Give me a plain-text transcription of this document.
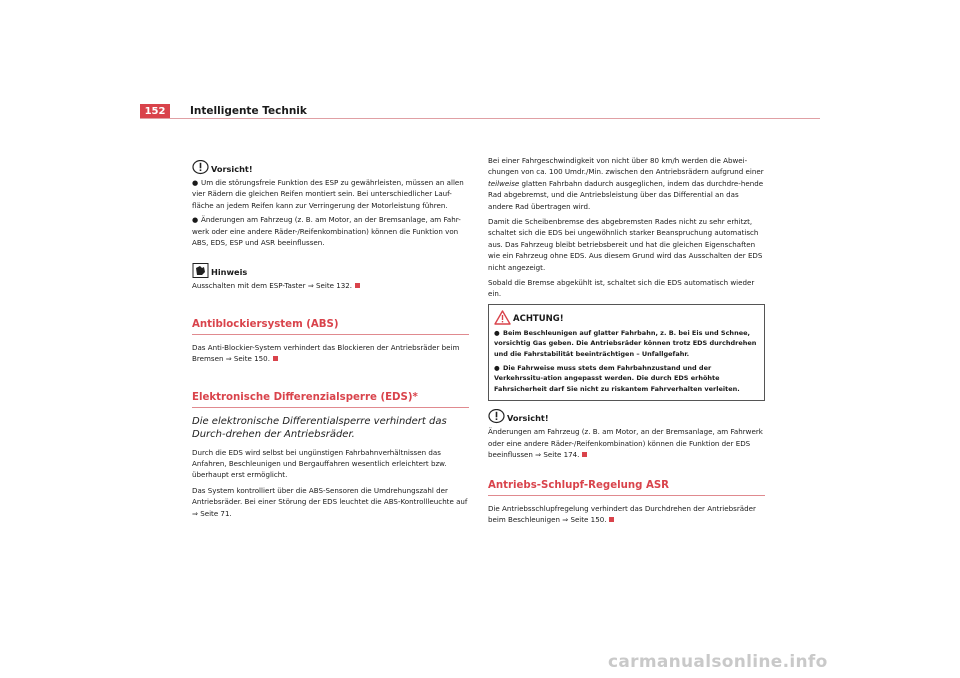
152	Intelligente Technik
Vorsicht!

● Um die störungsfreie Funktion des ESP zu gewährleisten, müssen an allen vier Rädern die gleichen Reifen montiert sein. Bei unterschiedlicher Lauf-fläche an jedem Reifen kann zur Verringerung der Motorleistung führen.

● Änderungen am Fahrzeug (z. B. am Motor, an der Bremsanlage, am Fahr-werk oder eine andere Räder-/Reifenkombination) können die Funktion von ABS, EDS, ESP und ASR beeinflussen.

Hinweis

Ausschalten mit dem ESP-Taster ⇒ Seite 132.

Antiblockiersystem (ABS)

Das Anti-Blockier-System verhindert das Blockieren der Antriebsräder beim Bremsen ⇒ Seite 150.

Elektronische Differenzialsperre (EDS)*
Die elektronische Differentialsperre verhindert das Durch-drehen der Antriebsräder.

Durch die EDS wird selbst bei ungünstigen Fahrbahnverhältnissen das Anfahren, Beschleunigen und Bergauffahren wesentlich erleichtert bzw. überhaupt erst ermöglicht.

Das System kontrolliert über die ABS-Sensoren die Umdrehungszahl der Antriebsräder. Bei einer Störung der EDS leuchtet die ABS-Kontrollleuchte auf ⇒ Seite 71.

Bei einer Fahrgeschwindigkeit von nicht über 80 km/h werden die Abwei-chungen von ca. 100 Umdr./Min. zwischen den Antriebsrädern aufgrund einer teilweise glatten Fahrbahn dadurch ausgeglichen, indem das durchdre-hende Rad abgebremst, und die Antriebsleistung über das Differential an das andere Rad übertragen wird.

Damit die Scheibenbremse des abgebremsten Rades nicht zu sehr erhitzt, schaltet sich die EDS bei ungewöhnlich starker Beanspruchung automatisch aus. Das Fahrzeug bleibt betriebsbereit und hat die gleichen Eigenschaften wie ein Fahrzeug ohne EDS. Aus diesem Grund wird das Ausschalten der EDS nicht angezeigt.

Sobald die Bremse abgekühlt ist, schaltet sich die EDS automatisch wieder ein.

ACHTUNG!

● Beim Beschleunigen auf glatter Fahrbahn, z. B. bei Eis und Schnee, vorsichtig Gas geben. Die Antriebsräder können trotz EDS durchdrehen und die Fahrstabilität beeinträchtigen – Unfallgefahr.

● Die Fahrweise muss stets dem Fahrbahnzustand und der Verkehrssitu-ation angepasst werden. Die durch EDS erhöhte Fahrsicherheit darf Sie nicht zu riskantem Fahrverhalten verleiten.

Vorsicht!

Änderungen am Fahrzeug (z. B. am Motor, an der Bremsanlage, am Fahrwerk oder eine andere Räder-/Reifenkombination) können die Funktion der EDS beeinflussen ⇒ Seite 174.

Antriebs-Schlupf-Regelung ASR

Die Antriebsschlupfregelung verhindert das Durchdrehen der Antriebsräder beim Beschleunigen ⇒ Seite 150.

carmanualsonline.info
